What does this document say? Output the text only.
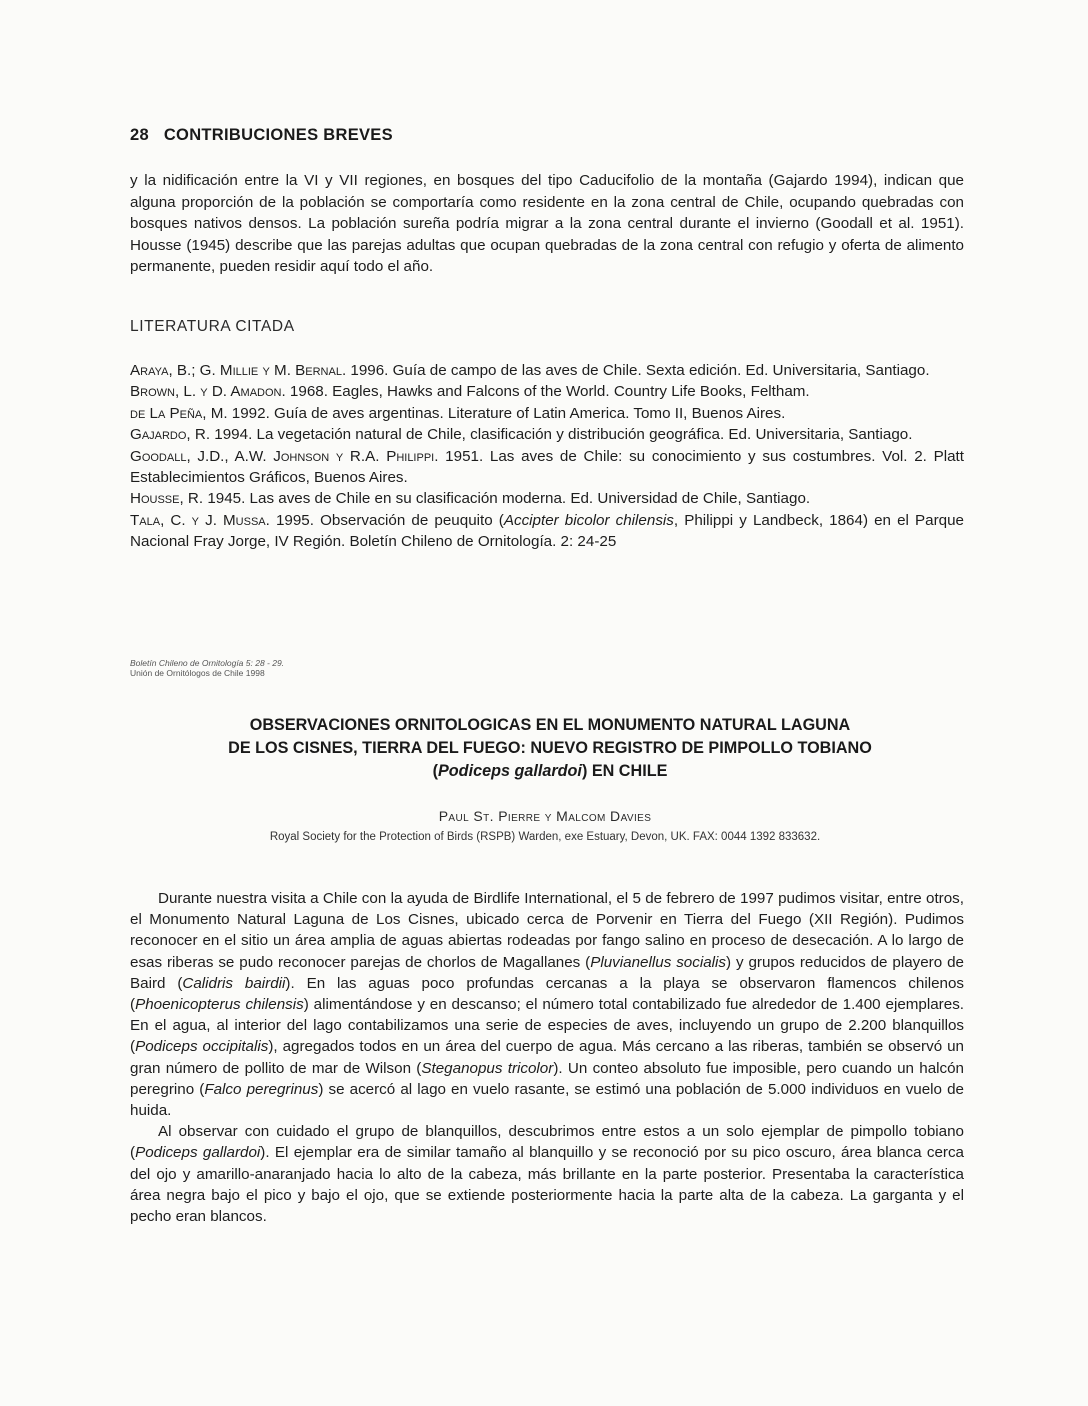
28 CONTRIBUCIONES BREVES
y la nidificación entre la VI y VII regiones, en bosques del tipo Caducifolio de la montaña (Gajardo 1994), indican que alguna proporción de la población se comportaría como residente en la zona central de Chile, ocupando quebradas con bosques nativos densos. La población sureña podría migrar a la zona central durante el invierno (Goodall et al. 1951). Housse (1945) describe que las parejas adultas que ocupan quebradas de la zona central con refugio y oferta de alimento permanente, pueden residir aquí todo el año.
LITERATURA CITADA

Araya, B.; G. Millie y M. Bernal. 1996. Guía de campo de las aves de Chile. Sexta edición. Ed. Universitaria, Santiago.

Brown, L. y D. Amadon. 1968. Eagles, Hawks and Falcons of the World. Country Life Books, Feltham.

de La Peña, M. 1992. Guía de aves argentinas. Literature of Latin America. Tomo II, Buenos Aires.

Gajardo, R. 1994. La vegetación natural de Chile, clasificación y distribución geográfica. Ed. Universitaria, Santiago.

Goodall, J.D., A.W. Johnson y R.A. Philippi. 1951. Las aves de Chile: su conocimiento y sus costumbres. Vol. 2. Platt Establecimientos Gráficos, Buenos Aires.

Housse, R. 1945. Las aves de Chile en su clasificación moderna. Ed. Universidad de Chile, Santiago.

Tala, C. y J. Mussa. 1995. Observación de peuquito (Accipter bicolor chilensis, Philippi y Landbeck, 1864) en el Parque Nacional Fray Jorge, IV Región. Boletín Chileno de Ornitología. 2: 24-25

Boletín Chileno de Ornitología 5: 28 - 29.
Unión de Ornitólogos de Chile 1998
OBSERVACIONES ORNITOLOGICAS EN EL MONUMENTO NATURAL LAGUNA
DE LOS CISNES, TIERRA DEL FUEGO: NUEVO REGISTRO DE PIMPOLLO TOBIANO
(Podiceps gallardoi) EN CHILE
Paul St. Pierre y Malcom Davies
Royal Society for the Protection of Birds (RSPB) Warden, exe Estuary, Devon, UK. FAX: 0044 1392 833632.

Durante nuestra visita a Chile con la ayuda de Birdlife International, el 5 de febrero de 1997 pudimos visitar, entre otros, el Monumento Natural Laguna de Los Cisnes, ubicado cerca de Porvenir en Tierra del Fuego (XII Región). Pudimos reconocer en el sitio un área amplia de aguas abiertas rodeadas por fango salino en proceso de desecación. A lo largo de esas riberas se pudo reconocer parejas de chorlos de Magallanes (Pluvianellus socialis) y grupos reducidos de playero de Baird (Calidris bairdii). En las aguas poco profundas cercanas a la playa se observaron flamencos chilenos (Phoenicopterus chilensis) alimentándose y en descanso; el número total contabilizado fue alrededor de 1.400 ejemplares. En el agua, al interior del lago contabilizamos una serie de especies de aves, incluyendo un grupo de 2.200 blanquillos (Podiceps occipitalis), agregados todos en un área del cuerpo de agua. Más cercano a las riberas, también se observó un gran número de pollito de mar de Wilson (Steganopus tricolor). Un conteo absoluto fue imposible, pero cuando un halcón peregrino (Falco peregrinus) se acercó al lago en vuelo rasante, se estimó una población de 5.000 individuos en vuelo de huida.

Al observar con cuidado el grupo de blanquillos, descubrimos entre estos a un solo ejemplar de pimpollo tobiano (Podiceps gallardoi). El ejemplar era de similar tamaño al blanquillo y se reconoció por su pico oscuro, área blanca cerca del ojo y amarillo-anaranjado hacia lo alto de la cabeza, más brillante en la parte posterior. Presentaba la característica área negra bajo el pico y bajo el ojo, que se extiende posteriormente hacia la parte alta de la cabeza. La garganta y el pecho eran blancos.
